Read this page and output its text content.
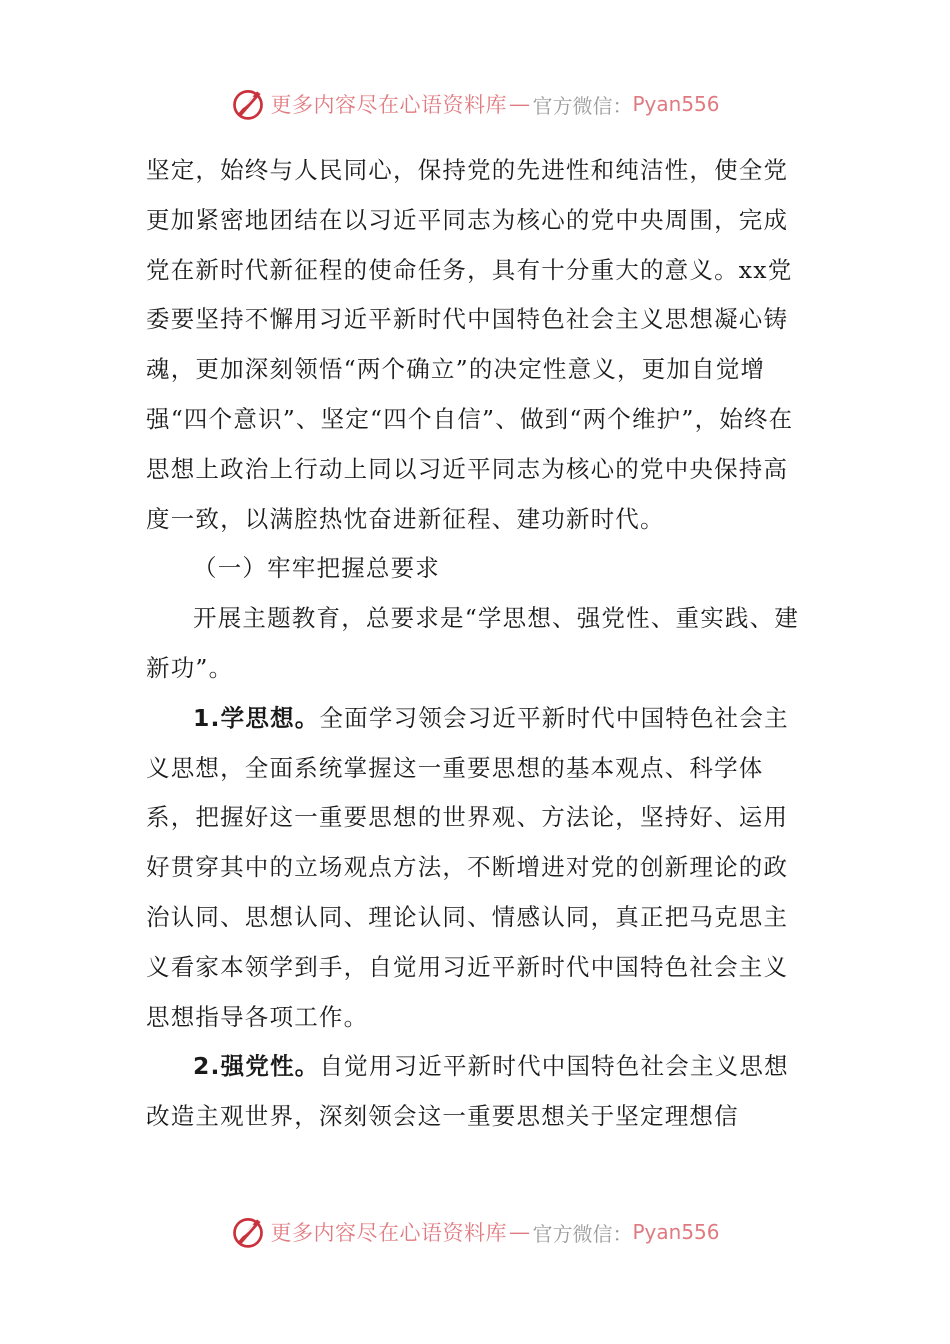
更多内容尽在心语资料库 — 官方微信： Pyan556

坚定，始终与人民同心，保持党的先进性和纯洁性，使全党更加紧密地团结在以习近平同志为核心的党中央周围，完成党在新时代新征程的使命任务，具有十分重大的意义。xx党委要坚持不懈用习近平新时代中国特色社会主义思想凝心铸魂，更加深刻领悟“两个确立”的决定性意义，更加自觉增强“四个意识”、坚定“四个自信”、做到“两个维护”，始终在思想上政治上行动上同以习近平同志为核心的党中央保持高度一致，以满腔热忱奋进新征程、建功新时代。

（一）牢牢把握总要求

开展主题教育，总要求是“学思想、强党性、重实践、建新功”。

1.学思想。全面学习领会习近平新时代中国特色社会主义思想，全面系统掌握这一重要思想的基本观点、科学体系，把握好这一重要思想的世界观、方法论，坚持好、运用好贯穿其中的立场观点方法，不断增进对党的创新理论的政治认同、思想认同、理论认同、情感认同，真正把马克思主义看家本领学到手，自觉用习近平新时代中国特色社会主义思想指导各项工作。

2.强党性。自觉用习近平新时代中国特色社会主义思想改造主观世界，深刻领会这一重要思想关于坚定理想信

更多内容尽在心语资料库 — 官方微信： Pyan556
